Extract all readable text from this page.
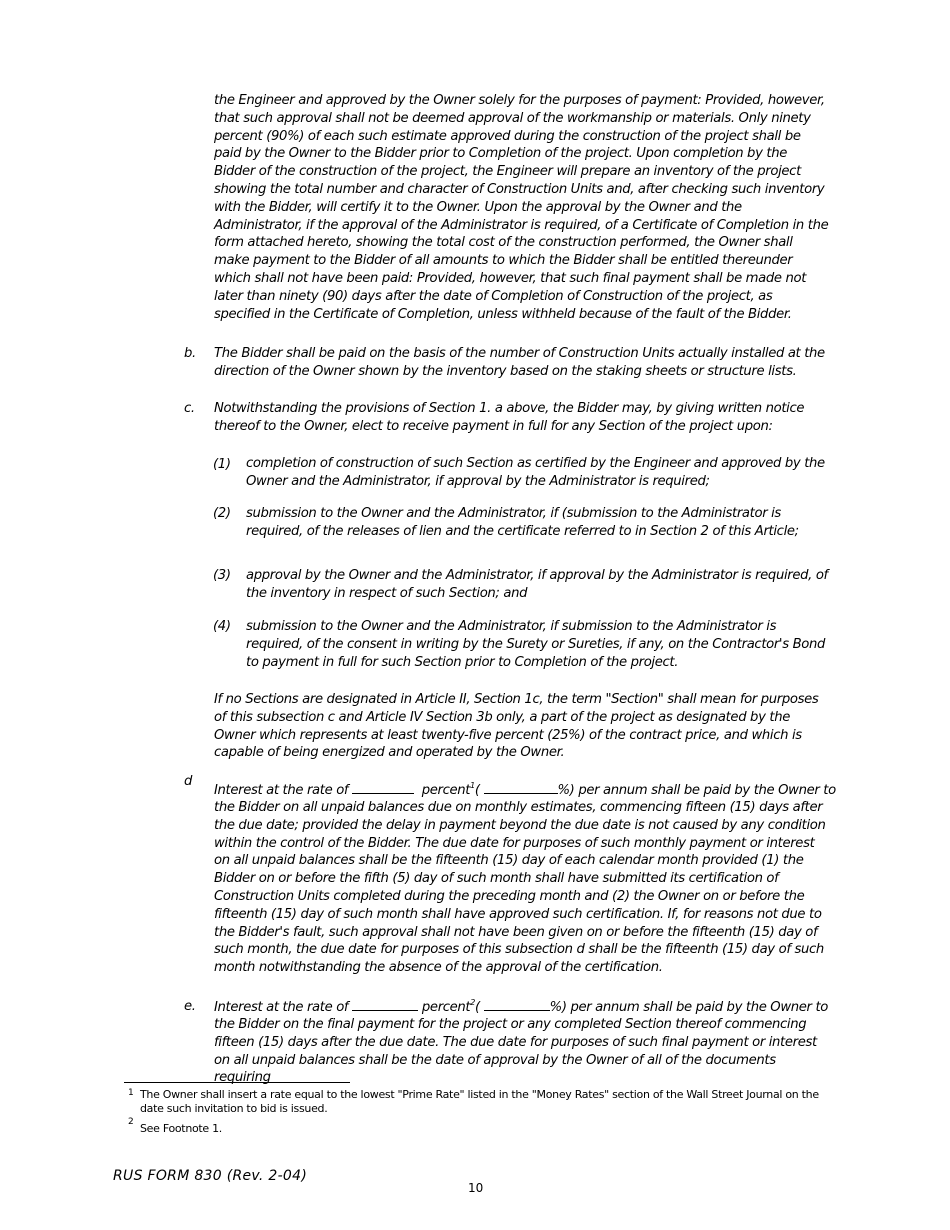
the Engineer and approved by the Owner solely for the purposes of payment: Provided, however, that such approval shall not be deemed approval of the workmanship or materials. Only ninety percent (90%) of each such estimate approved during the construction of the project shall be paid by the Owner to the Bidder prior to Completion of the project. Upon completion by the Bidder of the construction of the project, the Engineer will prepare an inventory of the project showing the total number and character of Construction Units and, after checking such inventory with the Bidder, will certify it to the Owner. Upon the approval by the Owner and the Administrator, if the approval of the Administrator is required, of a Certificate of Completion in the form attached hereto, showing the total cost of the construction performed, the Owner shall make payment to the Bidder of all amounts to which the Bidder shall be entitled thereunder which shall not have been paid: Provided, however, that such final payment shall be made not later than ninety (90) days after the date of Completion of Construction of the project, as specified in the Certificate of Completion, unless withheld because of the fault of the Bidder.

b. The Bidder shall be paid on the basis of the number of Construction Units actually installed at the direction of the Owner shown by the inventory based on the staking sheets or structure lists.

c. Notwithstanding the provisions of Section 1. a above, the Bidder may, by giving written notice thereof to the Owner, elect to receive payment in full for any Section of the project upon:

(1) completion of construction of such Section as certified by the Engineer and approved by the Owner and the Administrator, if approval by the Administrator is required;

(2) submission to the Owner and the Administrator, if (submission to the Administrator is required, of the releases of lien and the certificate referred to in Section 2 of this Article;

(3) approval by the Owner and the Administrator, if approval by the Administrator is required, of the inventory in respect of such Section; and

(4) submission to the Owner and the Administrator, if submission to the Administrator is required, of the consent in writing by the Surety or Sureties, if any, on the Contractor's Bond to payment in full for such Section prior to Completion of the project.

If no Sections are designated in Article II, Section 1c, the term "Section" shall mean for purposes of this subsection c and Article IV Section 3b only, a part of the project as designated by the Owner which represents at least twenty-five percent (25%) of the contract price, and which is capable of being energized and operated by the Owner.

d

Interest at the rate of	percent$^1$(	%) per annum shall be paid by the Owner to

the Bidder on all unpaid balances due on monthly estimates, commencing fifteen (15) days after the due date; provided the delay in payment beyond the due date is not caused by any condition within the control of the Bidder. The due date for purposes of such monthly payment or interest on all unpaid balances shall be the fifteenth (15) day of each calendar month provided (1) the Bidder on or before the fifth (5) day of such month shall have submitted its certification of Construction Units completed during the preceding month and (2) the Owner on or before the fifteenth (15) day of such month shall have approved such certification. If, for reasons not due to the Bidder's fault, such approval shall not have been given on or before the fifteenth (15) day of such month, the due date for purposes of this subsection d shall be the fifteenth (15) day of such month notwithstanding the absence of the approval of the certification.

e. Interest at the rate of	percent$^2$(	%) per annum shall be paid by the Owner to

the Bidder on the final payment for the project or any completed Section thereof commencing fifteen (15) days after the due date. The due date for purposes of such final payment or interest on all unpaid balances shall be the date of approval by the Owner of all of the documents requiring

1 The Owner shall insert a rate equal to the lowest "Prime Rate" listed in the "Money Rates" section of the Wall Street Journal on the date such invitation to bid is issued.

2 See Footnote 1.

RUS FORM 830 (Rev. 2-04)
10
